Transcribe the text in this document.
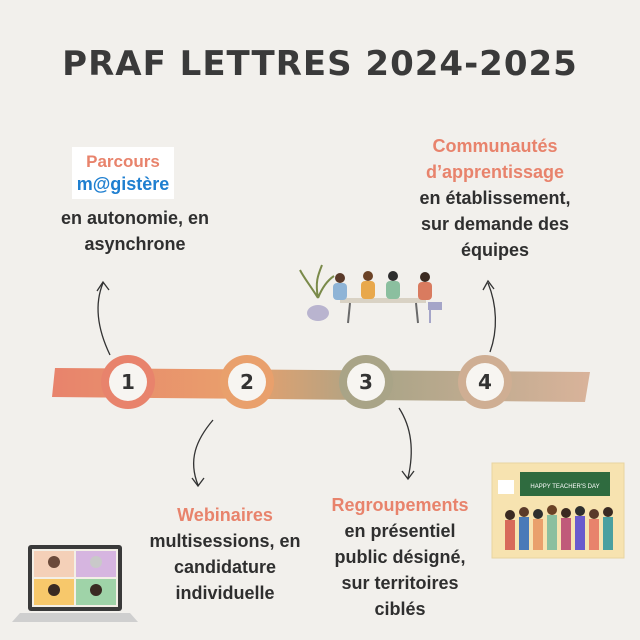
HAPPY TEACHER'S DAY
1	2	3	4
PRAF LETTRES 2024-2025
Parcours
m@gistère
en autonomie, en
asynchrone
Webinaires
multisessions, en
candidature
individuelle
Regroupements
en présentiel
public désigné,
sur territoires
ciblés
Communautés
d’apprentissage
en établissement,
sur demande des
équipes
